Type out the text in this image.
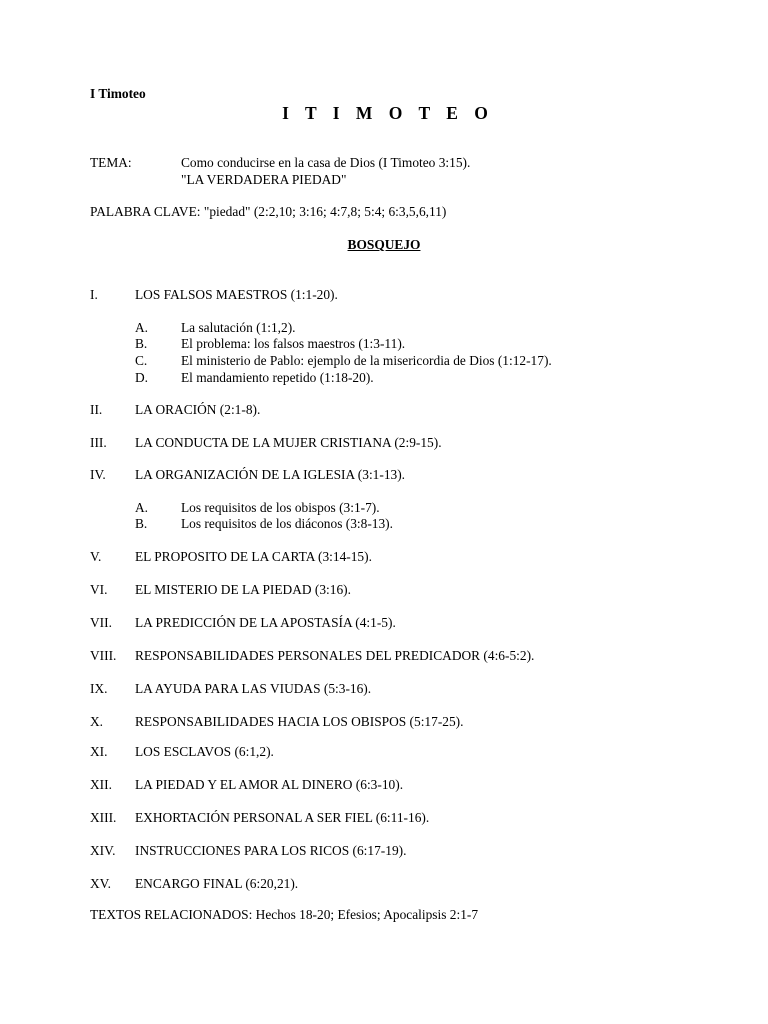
I Timoteo
I T I M O T E O
TEMA:	Como conducirse en la casa de Dios (I Timoteo 3:15).
"LA VERDADERA PIEDAD"
PALABRA CLAVE: "piedad" (2:2,10; 3:16; 4:7,8; 5:4; 6:3,5,6,11)
BOSQUEJO
I.	LOS FALSOS MAESTROS (1:1-20).
A. La salutación (1:1,2).
B.	El problema: los falsos maestros (1:3-11).
C.	El ministerio de Pablo: ejemplo de la misericordia de Dios (1:12-17).
D. El mandamiento repetido (1:18-20).
II. LA ORACIÓN (2:1-8).
III. LA CONDUCTA DE LA MUJER CRISTIANA (2:9-15).
IV. LA ORGANIZACIÓN DE LA IGLESIA (3:1-13).
A. Los requisitos de los obispos (3:1-7).
B.	Los requisitos de los diáconos (3:8-13).
V.	EL PROPOSITO DE LA CARTA (3:14-15).
VI. EL MISTERIO DE LA PIEDAD (3:16).
VII. LA PREDICCIÓN DE LA APOSTASÍA (4:1-5).
VIII. RESPONSABILIDADES PERSONALES DEL PREDICADOR (4:6-5:2).
IX. LA AYUDA PARA LAS VIUDAS (5:3-16).
X. RESPONSABILIDADES HACIA LOS OBISPOS (5:17-25).
XI. LOS ESCLAVOS (6:1,2).
XII. LA PIEDAD Y EL AMOR AL DINERO (6:3-10).
XIII. EXHORTACIÓN PERSONAL A SER FIEL (6:11-16).
XIV. INSTRUCCIONES PARA LOS RICOS (6:17-19).
XV. ENCARGO FINAL (6:20,21).
TEXTOS RELACIONADOS: Hechos 18-20; Efesios; Apocalipsis 2:1-7
